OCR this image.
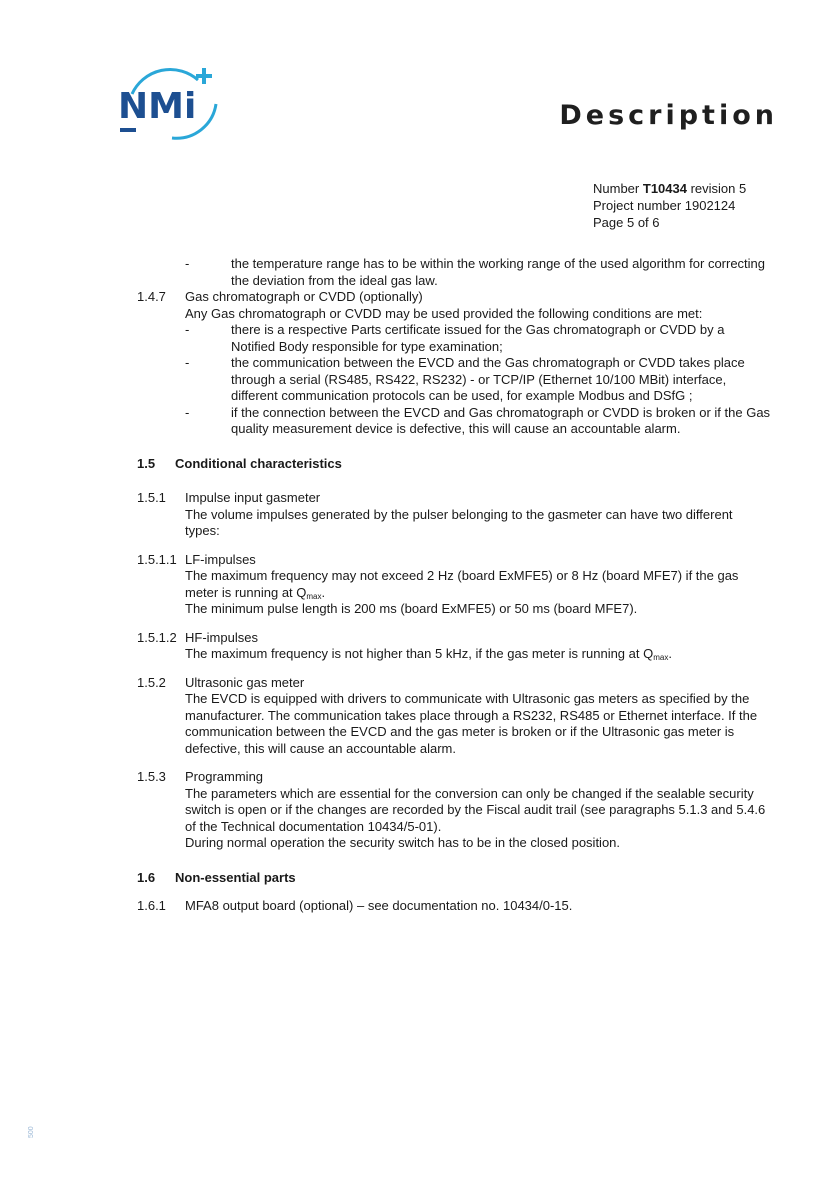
NMi	Description
Number T10434 revision 5
Project number 1902124
Page 5 of 6
-	the temperature range has to be within the working range of the used algorithm for correcting the deviation from the ideal gas law.
1.4.7 Gas chromatograph or CVDD (optionally)
Any Gas chromatograph or CVDD may be used provided the following conditions are met:
-	there is a respective Parts certificate issued for the Gas chromatograph or CVDD by a Notified Body responsible for type examination;
-	the communication between the EVCD and the Gas chromatograph or CVDD takes place through a serial (RS485, RS422, RS232) - or TCP/IP (Ethernet 10/100 MBit) interface, different communication protocols can be used, for example Modbus and DSfG ;
-	if the connection between the EVCD and Gas chromatograph or CVDD is broken or if the Gas quality measurement device is defective, this will cause an accountable alarm.
1.5 Conditional characteristics
1.5.1 Impulse input gasmeter
The volume impulses generated by the pulser belonging to the gasmeter can have two different types:
1.5.1.1 LF-impulses
The maximum frequency may not exceed 2 Hz (board ExMFE5) or 8 Hz (board MFE7) if the gas meter is running at $Q_{max}$.
The minimum pulse length is 200 ms (board ExMFE5) or 50 ms (board MFE7).
1.5.1.2 HF-impulses
The maximum frequency is not higher than 5 kHz, if the gas meter is running at $Q_{max}$.
1.5.2 Ultrasonic gas meter
The EVCD is equipped with drivers to communicate with Ultrasonic gas meters as specified by the manufacturer. The communication takes place through a RS232, RS485 or Ethernet interface. If the communication between the EVCD and the gas meter is broken or if the Ultrasonic gas meter is defective, this will cause an accountable alarm.
1.5.3 Programming
The parameters which are essential for the conversion can only be changed if the sealable security switch is open or if the changes are recorded by the Fiscal audit trail (see paragraphs 5.1.3 and 5.4.6 of the Technical documentation 10434/5-01).
During normal operation the security switch has to be in the closed position.
1.6 Non-essential parts
1.6.1 MFA8 output board (optional) – see documentation no. 10434/0-15.
500
